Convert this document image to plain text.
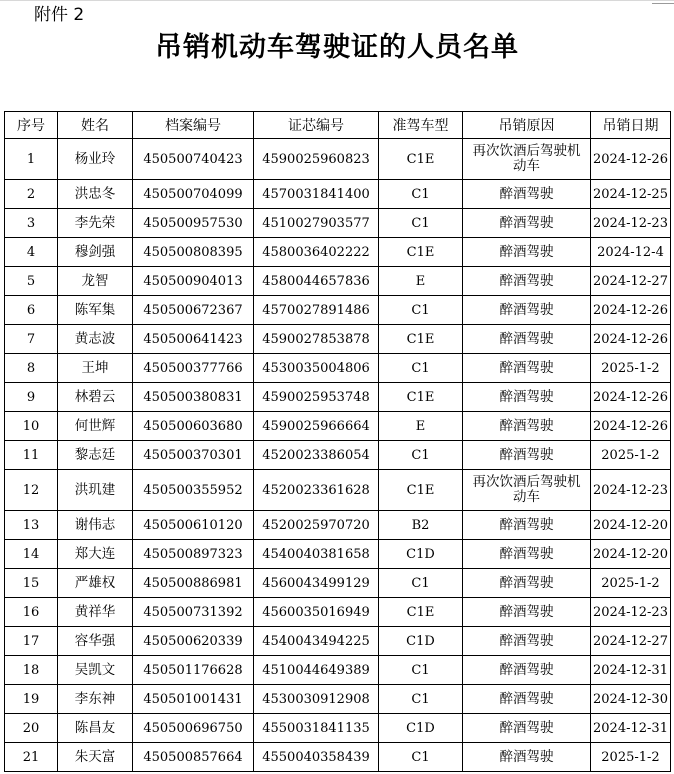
附件 2
吊销机动车驾驶证的人员名单
序号	姓名	档案编号	证芯编号	准驾车型	吊销原因	吊销日期
1	杨业玲	450500740423	4590025960823	C1E	再次饮酒后驾驶机动车	2024-12-26
2	洪忠冬	450500704099	4570031841400	C1	醉酒驾驶	2024-12-25
3	李先荣	450500957530	4510027903577	C1	醉酒驾驶	2024-12-23
4	穆剑强	450500808395	4580036402222	C1E	醉酒驾驶	2024-12-4
5	龙智	450500904013	4580044657836	E	醉酒驾驶	2024-12-27
6	陈军集	450500672367	4570027891486	C1	醉酒驾驶	2024-12-26
7	黄志波	450500641423	4590027853878	C1E	醉酒驾驶	2024-12-26
8	王坤	450500377766	4530035004806	C1	醉酒驾驶	2025-1-2
9	林碧云	450500380831	4590025953748	C1E	醉酒驾驶	2024-12-26
10	何世辉	450500603680	4590025966664	E	醉酒驾驶	2024-12-26
11	黎志廷	450500370301	4520023386054	C1	醉酒驾驶	2025-1-2
12	洪玑建	450500355952	4520023361628	C1E	再次饮酒后驾驶机动车	2024-12-23
13	谢伟志	450500610120	4520025970720	B2	醉酒驾驶	2024-12-20
14	郑大连	450500897323	4540040381658	C1D	醉酒驾驶	2024-12-20
15	严雄权	450500886981	4560043499129	C1	醉酒驾驶	2025-1-2
16	黄祥华	450500731392	4560035016949	C1E	醉酒驾驶	2024-12-23
17	容华强	450500620339	4540043494225	C1D	醉酒驾驶	2024-12-27
18	吴凯文	450501176628	4510044649389	C1	醉酒驾驶	2024-12-31
19	李东神	450501001431	4530030912908	C1	醉酒驾驶	2024-12-30
20	陈昌友	450500696750	4550031841135	C1D	醉酒驾驶	2024-12-31
21	朱天富	450500857664	4550040358439	C1	醉酒驾驶	2025-1-2
